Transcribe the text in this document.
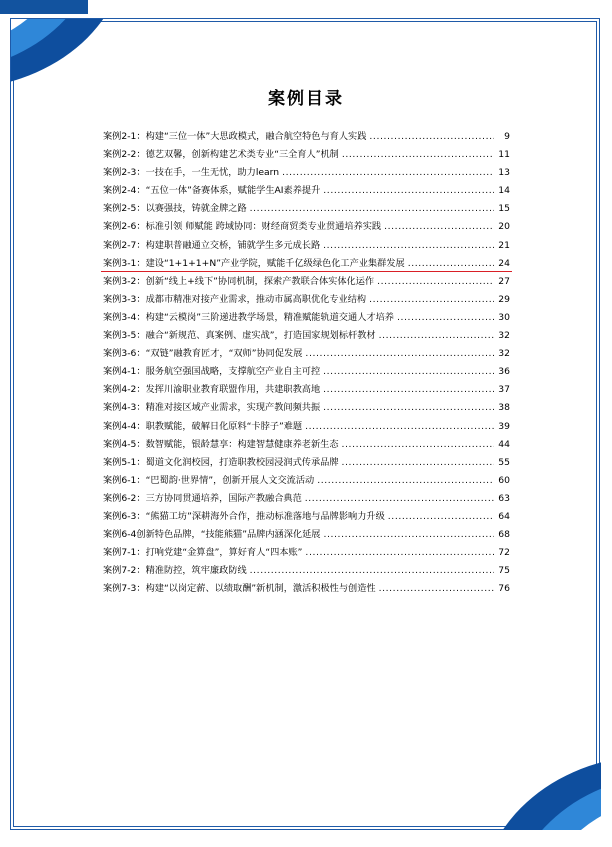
案例目录
案例2-1：构建“三位一体”大思政模式，融合航空特色与育人实践 .....	9
案例2-2：德艺双馨，创新构建艺术类专业“三全育人”机制 .....	11
案例2-3：一技在手，一生无忧，助力learn .....	13
案例2-4：“五位一体”备赛体系，赋能学生AI素养提升 .....	14
案例2-5：以赛强技，铸就金牌之路 .....	15
案例2-6：标准引领 师赋能 跨域协同：财经商贸类专业贯通培养实践 .....	20
案例2-7：构建职普融通立交桥，铺就学生多元成长路 .....	21
案例3-1：建设“1+1+1+N”产业学院，赋能千亿级绿色化工产业集群发展 .....	24
案例3-2：创新“线上+线下”协同机制，探索产教联合体实体化运作 .....	27
案例3-3：成都市精准对接产业需求，推动市属高职优化专业结构 .....	29
案例3-4：构建“云模岗”三阶递进教学场景，精准赋能轨道交通人才培养 .....	30
案例3-5：融合“新规范、真案例、虚实战”，打造国家规划标杆教材 .....	32
案例3-6：“双链”融教育匠才，“双师”协同促发展 .....	32
案例4-1：服务航空强国战略，支撑航空产业自主可控 .....	36
案例4-2：发挥川渝职业教育联盟作用，共建职教高地 .....	37
案例4-3：精准对接区域产业需求，实现产教间频共振 .....	38
案例4-4：职教赋能，破解日化原料“卡脖子”难题 .....	39
案例4-5：数智赋能，银龄慧享：构建智慧健康养老新生态 .....	44
案例5-1：蜀道文化润校园，打造职教校园浸润式传承品牌 .....	55
案例6-1：“巴蜀韵·世界情”，创新开展人文交流活动 .....	60
案例6-2：三方协同贯通培养，国际产教融合典范 .....	63
案例6-3：“熊猫工坊”深耕海外合作，推动标准落地与品牌影响力升级 .....	64
案例6-4创新特色品牌，“技能熊猫”品牌内涵深化延展 .....	68
案例7-1：打响党建“金算盘”，算好育人“四本账” .....	72
案例7-2：精准防控，筑牢廉政防线 .....	75
案例7-3：构建“以岗定薪、以绩取酬”新机制，激活积极性与创造性 .....	76
